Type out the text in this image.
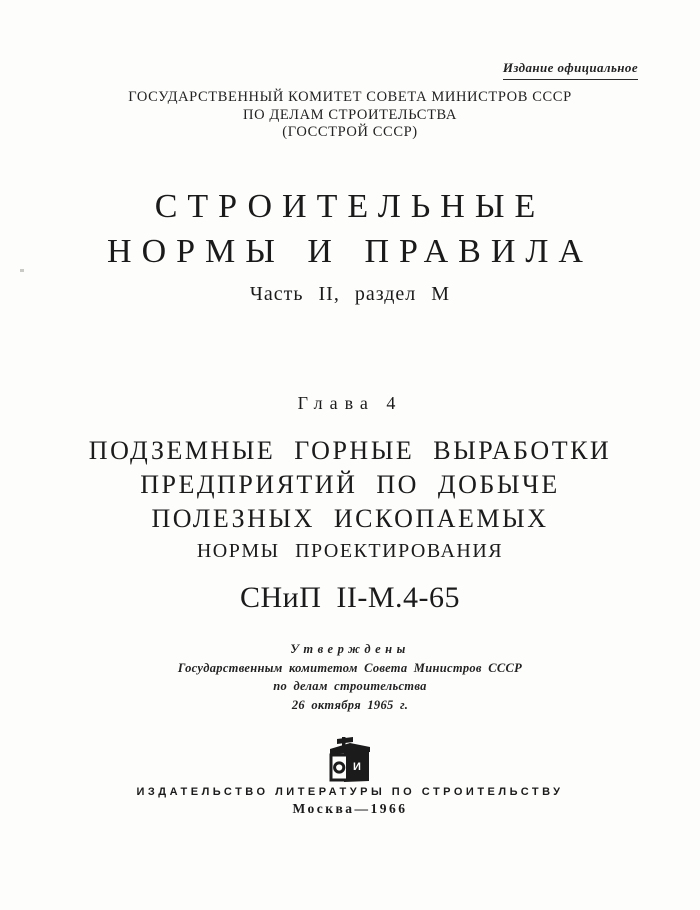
Издание официальное
ГОСУДАРСТВЕННЫЙ КОМИТЕТ СОВЕТА МИНИСТРОВ СССР
ПО ДЕЛАМ СТРОИТЕЛЬСТВА
(ГОССТРОЙ СССР)
СТРОИТЕЛЬНЫЕ
НОРМЫ И ПРАВИЛА
Часть II, раздел М
Глава 4
ПОДЗЕМНЫЕ ГОРНЫЕ ВЫРАБОТКИ
ПРЕДПРИЯТИЙ ПО ДОБЫЧЕ
ПОЛЕЗНЫХ ИСКОПАЕМЫХ
НОРМЫ ПРОЕКТИРОВАНИЯ
СНиП II-М.4-65
Утверждены
Государственным комитетом Совета Министров СССР
по делам строительства
26 октября 1965 г.
И
ИЗДАТЕЛЬСТВО ЛИТЕРАТУРЫ ПО СТРОИТЕЛЬСТВУ
Москва—1966
